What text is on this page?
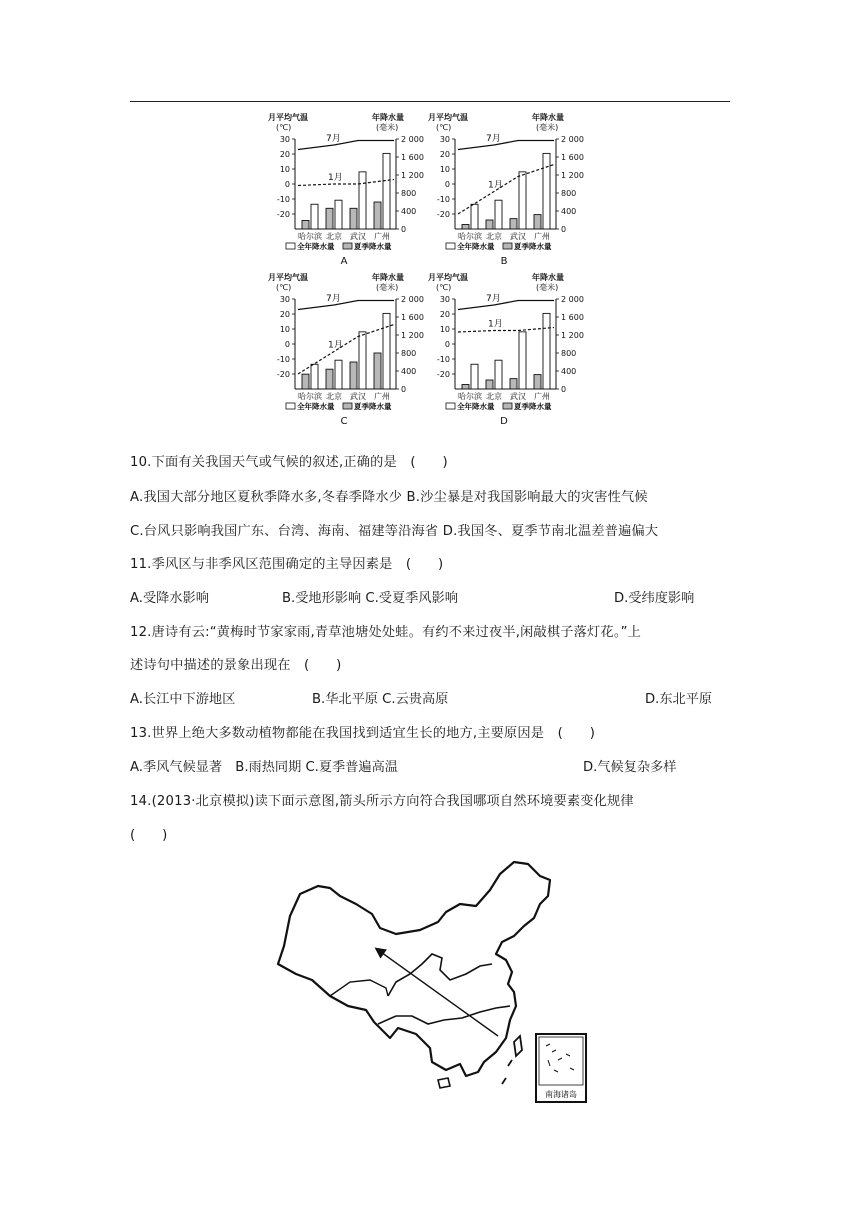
月平均气温
(℃)
年降水量
(毫米)
30
20
10
0
-10
-20
2 000
1 600
1 200
800
400
0
哈尔滨 北京 武汉 广州
7月
1月
全年降水量	夏季降水量
A
月平均气温
(℃)
年降水量
(毫米)
30
20
10
0
-10
-20
2 000
1 600
1 200
800
400
0
哈尔滨 北京 武汉 广州
7月
1月
全年降水量	夏季降水量
B
月平均气温
(℃)
年降水量
(毫米)
30
20
10
0
-10
-20
2 000
1 600
1 200
800
400
0
哈尔滨 北京 武汉 广州
7月
1月
全年降水量	夏季降水量
C
月平均气温
(℃)
年降水量
(毫米)
30
20
10
0
-10
-20
2 000
1 600
1 200
800
400
0
哈尔滨 北京 武汉 广州
7月
1月
全年降水量	夏季降水量
D
10.下面有关我国天气或气候的叙述,正确的是　(　　)
A.我国大部分地区夏秋季降水多,冬春季降水少 B.沙尘暴是对我国影响最大的灾害性气候
C.台风只影响我国广东、台湾、海南、福建等沿海省 D.我国冬、夏季节南北温差普遍偏大
11.季风区与非季风区范围确定的主导因素是　(　　)
A.受降水影响	B.受地形影响 C.受夏季风影响	D.受纬度影响
12.唐诗有云:“黄梅时节家家雨,青草池塘处处蛙。有约不来过夜半,闲敲棋子落灯花。”上
述诗句中描述的景象出现在　(　　)
A.长江中下游地区	B.华北平原 C.云贵高原	D.东北平原
13.世界上绝大多数动植物都能在我国找到适宜生长的地方,主要原因是　(　　)
A.季风气候显著　B.雨热同期 C.夏季普遍高温	D.气候复杂多样
14.(2013·北京模拟)读下面示意图,箭头所示方向符合我国哪项自然环境要素变化规律
(　　)
南海诸岛
